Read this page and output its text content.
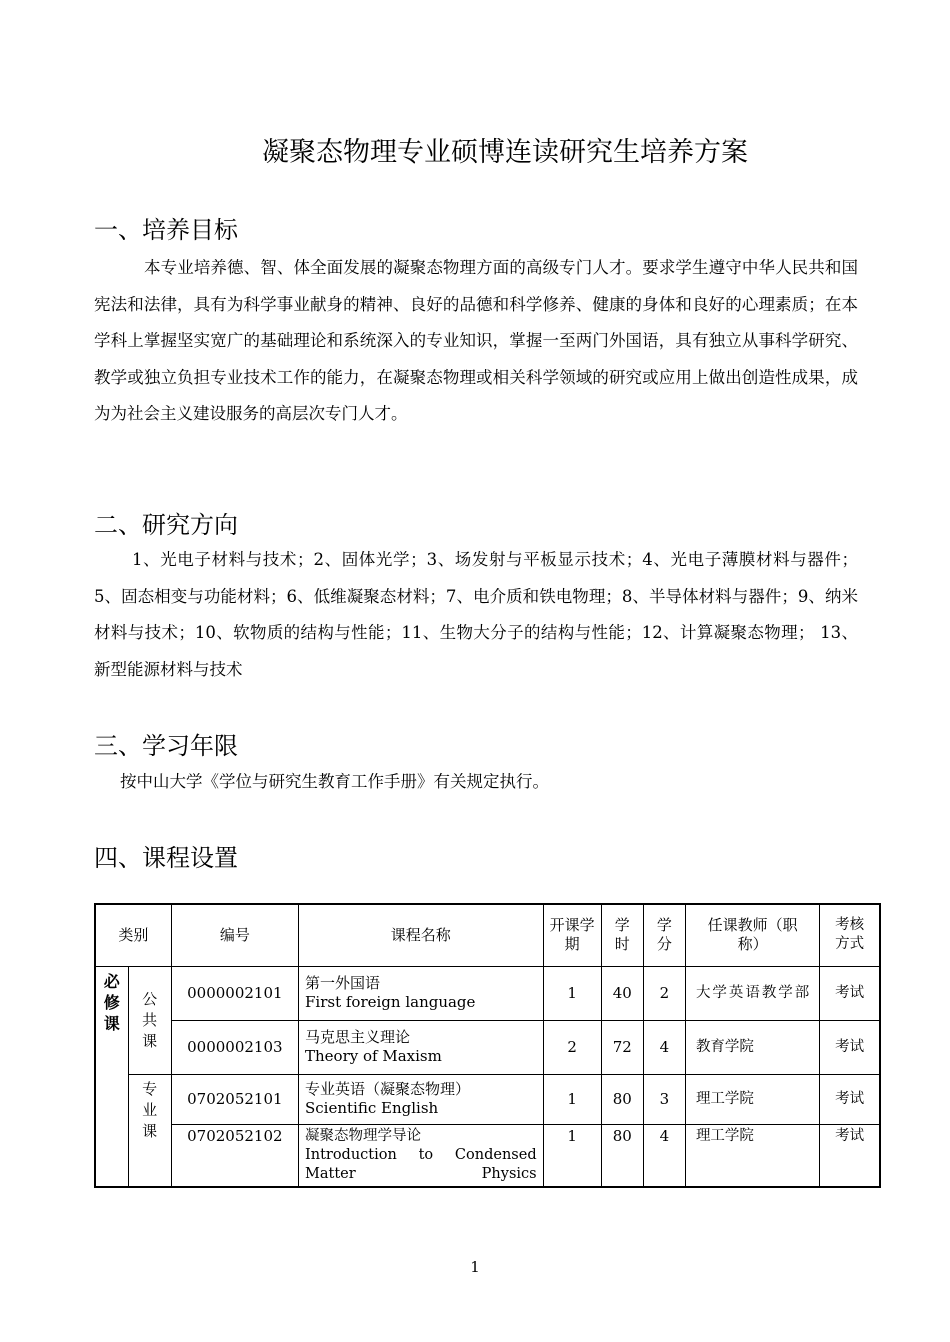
凝聚态物理专业硕博连读研究生培养方案
一、培养目标
本专业培养德、智、体全面发展的凝聚态物理方面的高级专门人才。要求学生遵守中华人民共和国宪法和法律，具有为科学事业献身的精神、良好的品德和科学修养、健康的身体和良好的心理素质；在本学科上掌握坚实宽广的基础理论和系统深入的专业知识，掌握一至两门外国语，具有独立从事科学研究、教学或独立负担专业技术工作的能力，在凝聚态物理或相关科学领域的研究或应用上做出创造性成果，成为为社会主义建设服务的高层次专门人才。
二、研究方向
1、光电子材料与技术；2、固体光学；3、场发射与平板显示技术；4、光电子薄膜材料与器件；5、固态相变与功能材料；6、低维凝聚态材料；7、电介质和铁电物理；8、半导体材料与器件；9、纳米材料与技术；10、软物质的结构与性能；11、生物大分子的结构与性能；12、计算凝聚态物理； 13、新型能源材料与技术
三、学习年限
按中山大学《学位与研究生教育工作手册》有关规定执行。
四、课程设置
类别		编号	课程名称	开课学期	学时	学分	任课教师（职称）	考核方式
必修课	公共课	0000002101	第一外国语
First foreign language	1	40	2	大学英语教学部	考试
		0000002103	马克思主义理论
Theory of Maxism	2	72	4	教育学院	考试
	专业课	0702052101	专业英语（凝聚态物理）
Scientific English	1	80	3	理工学院	考试
		0702052102	凝聚态物理学导论
Introduction to Condensed Matter Physics	1	80	4	理工学院	考试
1
